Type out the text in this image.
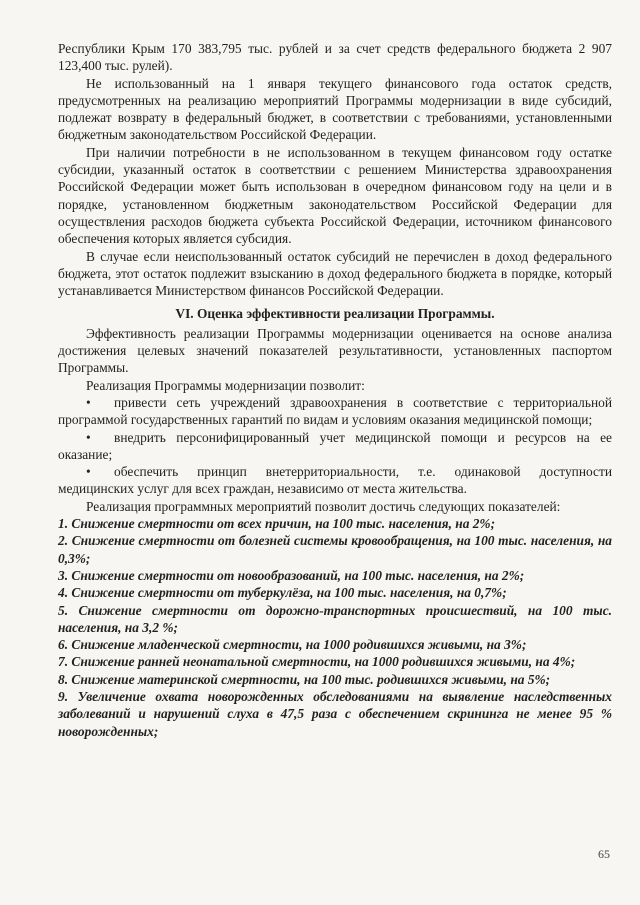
Республики Крым 170 383,795 тыс. рублей и за счет средств федерального бюджета 2 907 123,400 тыс. рулей).

Не использованный на 1 января текущего финансового года остаток средств, предусмотренных на реализацию мероприятий Программы модернизации в виде субсидий, подлежат возврату в федеральный бюджет, в соответствии с требованиями, установленными бюджетным законодательством Российской Федерации.

При наличии потребности в не использованном в текущем финансовом году остатке субсидии, указанный остаток в соответствии с решением Министерства здравоохранения Российской Федерации может быть использован в очередном финансовом году на цели и в порядке, установленном бюджетным законодательством Российской Федерации для осуществления расходов бюджета субъекта Российской Федерации, источником финансового обеспечения которых является субсидия.

В случае если неиспользованный остаток субсидий не перечислен в доход федерального бюджета, этот остаток подлежит взысканию в доход федерального бюджета в порядке, который устанавливается Министерством финансов Российской Федерации.

VI. Оценка эффективности реализации Программы.

Эффективность реализации Программы модернизации оценивается на основе анализа достижения целевых значений показателей результативности, установленных паспортом Программы.

Реализация Программы модернизации позволит:

• привести сеть учреждений здравоохранения в соответствие с территориальной программой государственных гарантий по видам и условиям оказания медицинской помощи;

• внедрить персонифицированный учет медицинской помощи и ресурсов на ее оказание;

• обеспечить принцип внетерриториальности, т.е. одинаковой доступности медицинских услуг для всех граждан, независимо от места жительства.

Реализация программных мероприятий позволит достичь следующих показателей:

1. Снижение смертности от всех причин, на 100 тыс. населения, на 2%;

2. Снижение смертности от болезней системы кровообращения, на 100 тыс. населения, на 0,3%;

3. Снижение смертности от новообразований, на 100 тыс. населения, на 2%;

4. Снижение смертности от туберкулёза, на 100 тыс. населения, на 0,7%;

5. Снижение смертности от дорожно-транспортных происшествий, на 100 тыс. населения, на 3,2 %;

6. Снижение младенческой смертности, на 1000 родившихся живыми, на 3%;

7. Снижение ранней неонатальной смертности, на 1000 родившихся живыми, на 4%;

8. Снижение материнской смертности, на 100 тыс. родившихся живыми, на 5%;

9. Увеличение охвата новорожденных обследованиями на выявление наследственных заболеваний и нарушений слуха в 47,5 раза с обеспечением скрининга не менее 95 % новорожденных;

65
